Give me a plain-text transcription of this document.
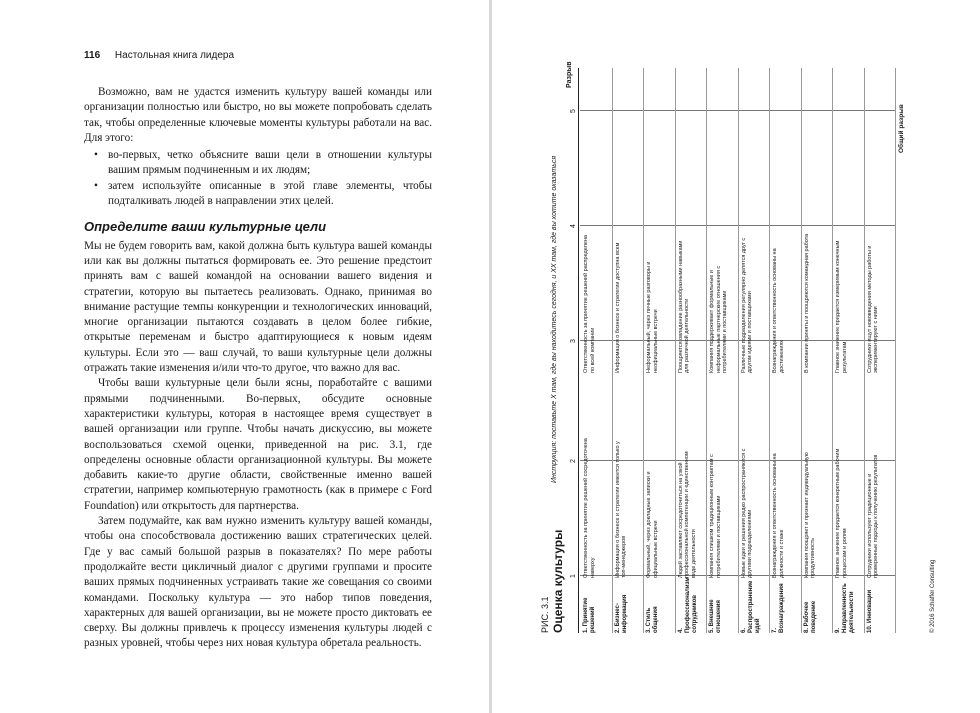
116 Настольная книга лидера

Возможно, вам не удастся изменить культуру вашей команды или организации полностью или быстро, но вы можете попробовать сделать так, чтобы определенные ключевые моменты культуры работали на вас. Для этого:

• во-первых, четко объясните ваши цели в отношении культуры вашим прямым подчиненным и их людям;
• затем используйте описанные в этой главе элементы, чтобы подталкивать людей в направлении этих целей.
Определите ваши культурные цели

Мы не будем говорить вам, какой должна быть культура вашей команды или как вы должны пытаться формировать ее. Это решение предстоит принять вам с вашей командой на основании вашего видения и стратегии, которую вы пытаетесь реализовать. Однако, принимая во внимание растущие темпы конкуренции и технологических инноваций, многие организации пытаются создавать в целом более гибкие, открытые переменам и быстро адаптирующиеся к новым идеям культуры. Если это — ваш случай, то ваши культурные цели должны отражать такие изменения и/или что-то другое, что важно для вас.

Чтобы ваши культурные цели были ясны, поработайте с вашими прямыми подчиненными. Во-первых, обсудите основные характеристики культуры, которая в настоящее время существует в вашей организации или группе. Чтобы начать дискуссию, вы можете воспользоваться схемой оценки, приведенной на рис. 3.1, где определены основные области организационной культуры. Вы можете добавить какие-то другие области, свойственные именно вашей стратегии, например компьютерную грамотность (как в примере с Ford Foundation) или открытость для партнерства.

Затем подумайте, как вам нужно изменить культуру вашей команды, чтобы она способствовала достижению ваших стратегических целей. Где у вас самый большой разрыв в показателях? По мере работы продолжайте вести цикличный диалог с другими группами и просите ваших прямых подчиненных устраивать такие же совещания со своими командами. Поскольку культура — это набор типов поведения, характерных для вашей организации, вы не можете просто диктовать ее сверху. Вы должны привлечь к процессу изменения культуры людей с разных уровней, чтобы через них новая культура обретала реальность.

РИС. 3.1 Оценка культуры
Инструкция: поставьте X там, где вы находитесь сегодня, и XX там, где вы хотите оказаться
Разрыв
1
2
3
4
5
1. Принятие решений
Ответственность за принятие решений сосредоточена наверху
Ответственность за принятие решений распределена по всей компании
2. Бизнес-информация
Информация о бизнесе и стратегии имеется только у топ-менеджеров
Информация о бизнесе и стратегии доступна всем
3. Стиль общения
Формальный, через докладные записки и официальные встречи
Неформальный, через личные разговоры и неофициальные встречи
4. Профессионализм сотрудников
Людей заставляют сосредоточиться на узкой профессиональной компетенции и единственном виде деятельности
Поощряется овладение разнообразными навыками для различной деятельности
5. Внешние отношения
Компания слишком традиционным контрактам с потребителями и поставщиками
Компания поддерживает формальные и неформальные партнерские отношения с потребителями и поставщиками
6. Распространение идей
Новые идеи и решения редко распространяются с другими подразделениями
Различные подразделения регулярно делятся друг с другом идеями и поставщиками
7. Вознаграждения
Вознаграждения и ответственность основаны на должности и стаже
Вознаграждения и ответственность основаны на достижениях
8. Рабочее поведение
Компания поощряет и признает индивидуальную продуктивность
В компании приняты и поощряются командная работа
9. Направленность деятельности
Главное значение придается конкретным рабочим процессам и ролям
Главное значение придается измеримым конечным результатам
10. Инновации
Сотрудники используют традиционные и проверенные подходы к получению результатов
Сотрудники ищут нововведения методы работы и экспериментируют с ними
Общий разрыв
© 2016 Schaffer Consulting
